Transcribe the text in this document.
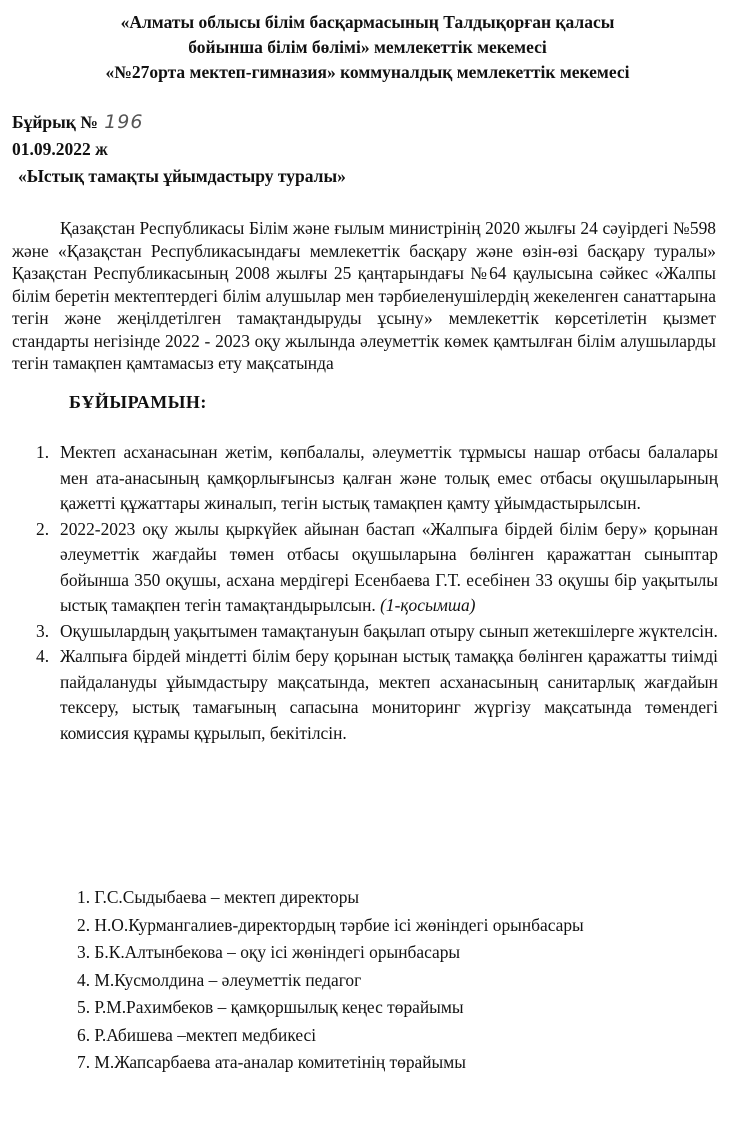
«Алматы облысы білім басқармасының Талдықорған қаласы
бойынша білім бөлімі» мемлекеттік мекемесі
«№27орта мектеп-гимназия» коммуналдық мемлекеттік мекемесі
Бұйрық № 196
01.09.2022 ж
«Ыстық тамақты ұйымдастыру туралы»
Қазақстан Республикасы Білім және ғылым министрінің 2020 жылғы 24 сәуірдегі №598 және «Қазақстан Республикасындағы мемлекеттік басқару және өзін-өзі басқару туралы» Қазақстан Республикасының 2008 жылғы 25 қаңтарындағы №64 қаулысына сәйкес «Жалпы білім беретін мектептердегі білім алушылар мен тәрбиеленушілердің жекеленген санаттарына тегін және жеңілдетілген тамақтандыруды ұсыну» мемлекеттік көрсетілетін қызмет стандарты негізінде 2022 - 2023 оқу жылында әлеуметтік көмек қамтылған білім алушыларды тегін тамақпен қамтамасыз ету мақсатында
БҰЙЫРАМЫН:
1. Мектеп асханасынан жетім, көпбалалы, әлеуметтік тұрмысы нашар отбасы балалары мен ата-анасының қамқорлығынсыз қалған және толық емес отбасы оқушыларының қажетті құжаттары жиналып, тегін ыстық тамақпен қамту ұйымдастырылсын.
2. 2022-2023 оқу жылы қыркүйек айынан бастап «Жалпыға бірдей білім беру» қорынан әлеуметтік жағдайы төмен отбасы оқушыларына бөлінген қаражаттан сыныптар бойынша 350 оқушы, асхана мердігері Есенбаева Г.Т. есебінен 33 оқушы бір уақытылы ыстық тамақпен тегін тамақтандырылсын. (1-қосымша)
3. Оқушылардың уақытымен тамақтануын бақылап отыру сынып жетекшілерге жүктелсін.
4. Жалпыға бірдей міндетті білім беру қорынан ыстық тамаққа бөлінген қаражатты тиімді пайдалануды ұйымдастыру мақсатында, мектеп асханасының санитарлық жағдайын тексеру, ыстық тамағының сапасына мониторинг жүргізу мақсатында төмендегі комиссия құрамы құрылып, бекітілсін.
1. Г.С.Сыдыбаева – мектеп директоры
2. Н.О.Курмангалиев-директордың тәрбие ісі жөніндегі орынбасары
3. Б.К.Алтынбекова – оқу ісі жөніндегі орынбасары
4. М.Кусмолдина – әлеуметтік педагог
5. Р.М.Рахимбеков – қамқоршылық кеңес төрайымы
6. Р.Абишева –мектеп медбикесі
7. М.Жапсарбаева ата-аналар комитетінің төрайымы
